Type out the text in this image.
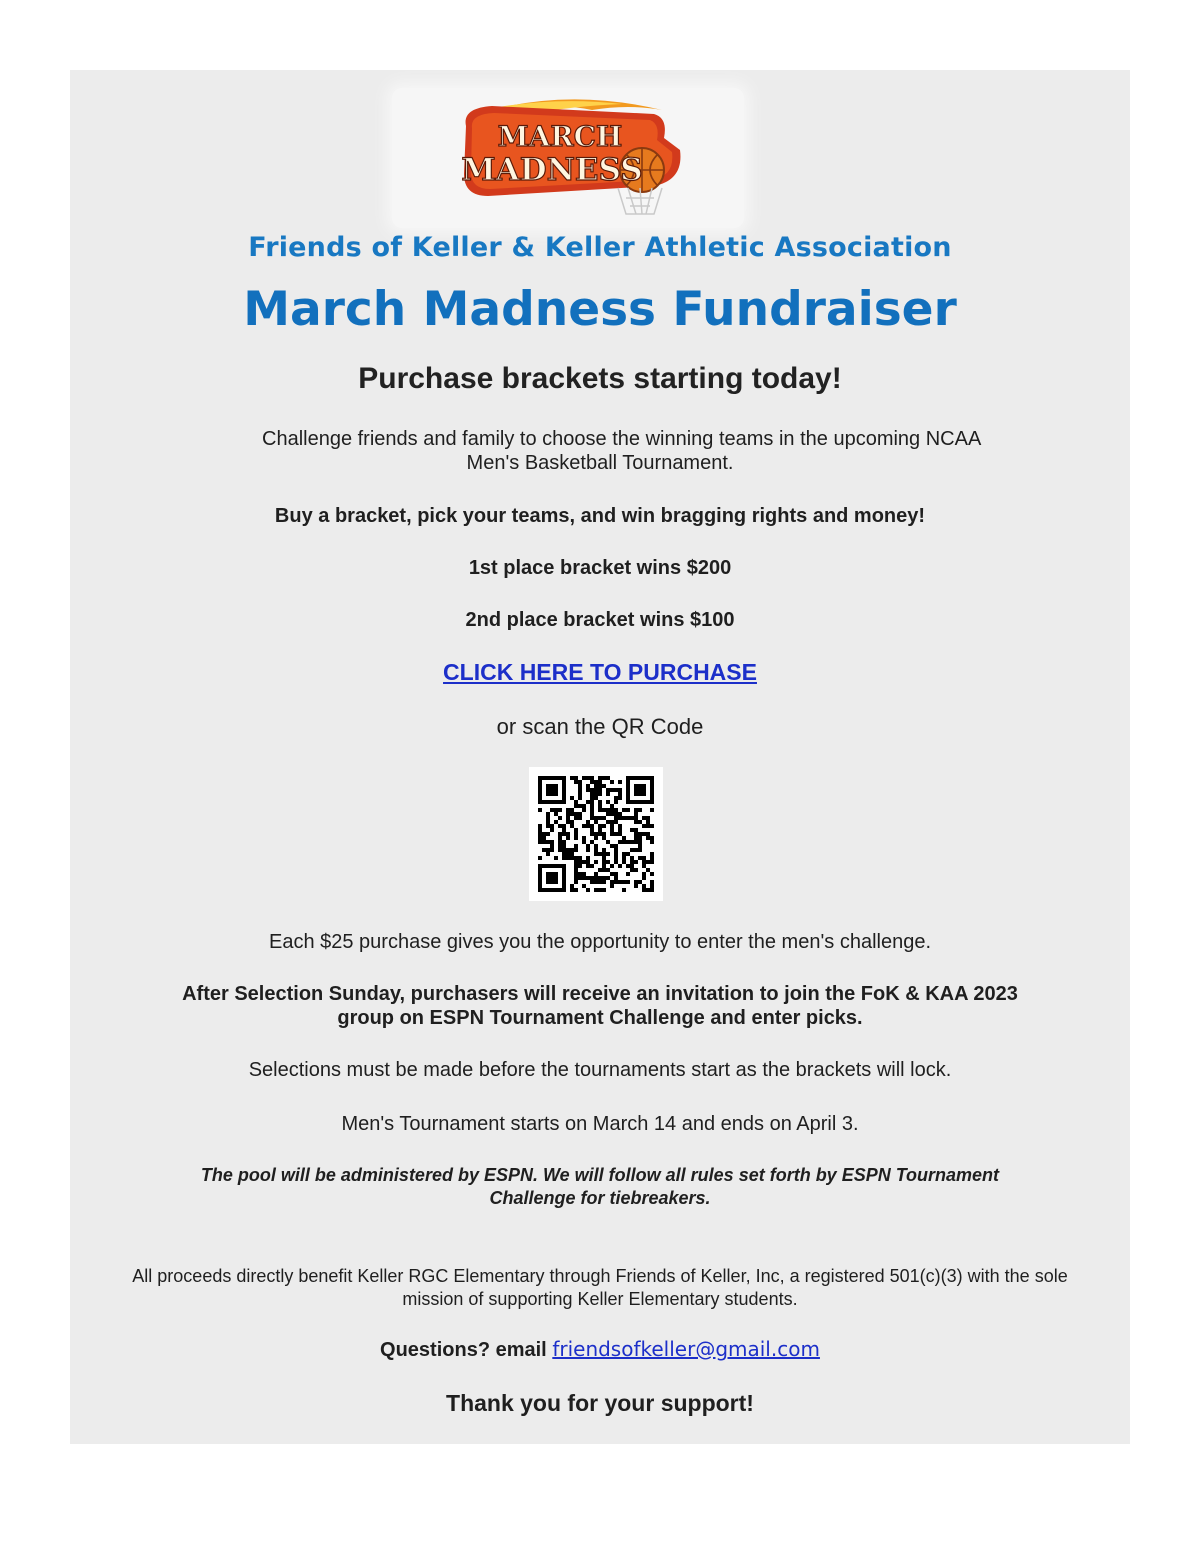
MARCH
MADNESS
Friends of Keller & Keller Athletic Association
March Madness Fundraiser
Purchase brackets starting today!

Challenge friends and family to choose the winning teams in the upcoming NCAA

Men's Basketball Tournament.

Buy a bracket, pick your teams, and win bragging rights and money!

1st place bracket wins $200

2nd place bracket wins $100

CLICK HERE TO PURCHASE

or scan the QR Code

Each $25 purchase gives you the opportunity to enter the men's challenge.

After Selection Sunday, purchasers will receive an invitation to join the FoK & KAA 2023

group on ESPN Tournament Challenge and enter picks.

Selections must be made before the tournaments start as the brackets will lock.

Men's Tournament starts on March 14 and ends on April 3.

The pool will be administered by ESPN. We will follow all rules set forth by ESPN Tournament

Challenge for tiebreakers.

All proceeds directly benefit Keller RGC Elementary through Friends of Keller, Inc, a registered 501(c)(3) with the sole

mission of supporting Keller Elementary students.

Questions? email friendsofkeller@gmail.com

Thank you for your support!
